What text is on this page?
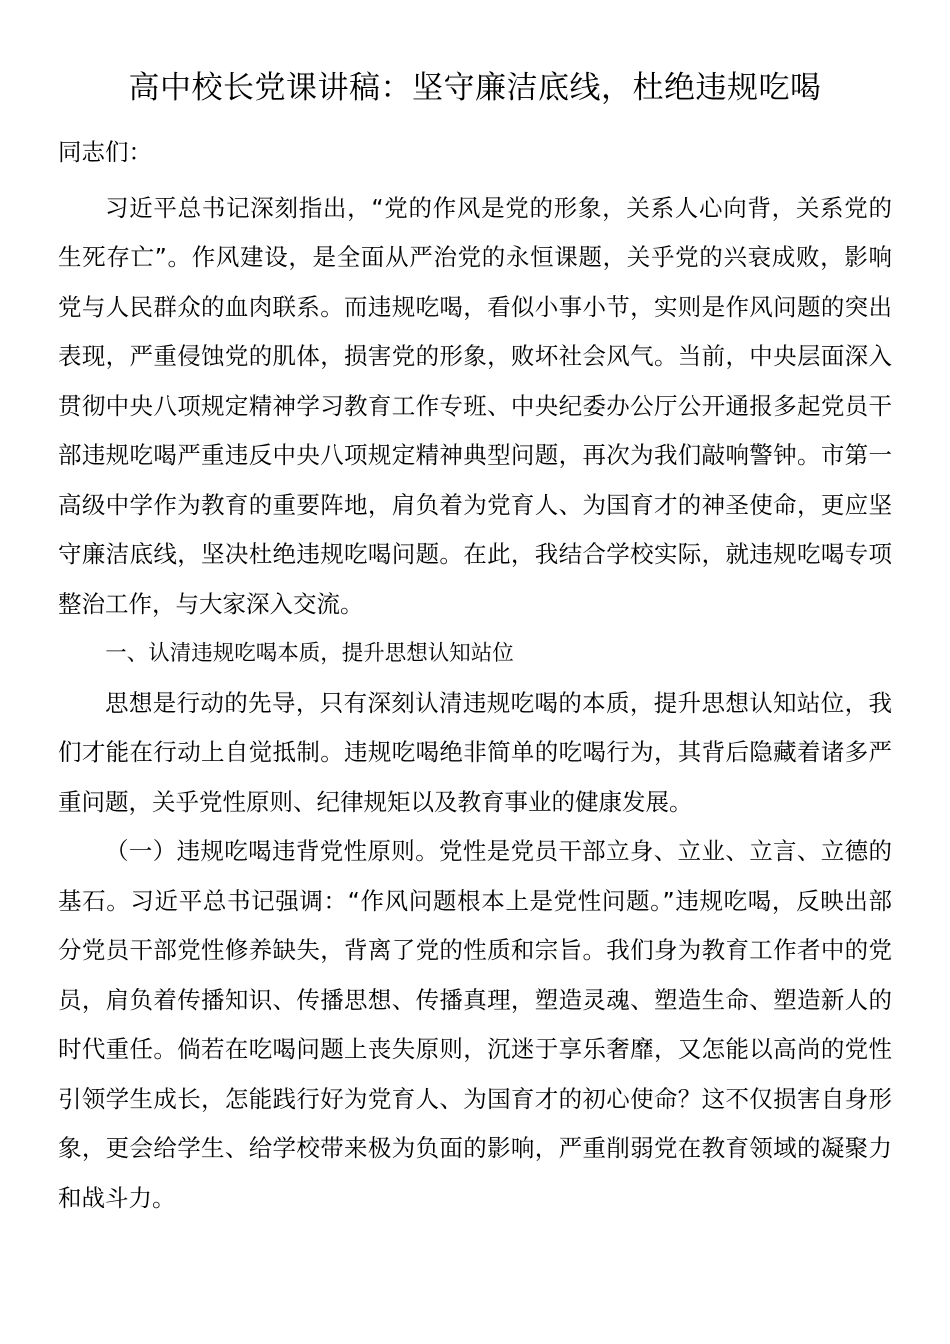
高中校长党课讲稿：坚守廉洁底线，杜绝违规吃喝

同志们：

习近平总书记深刻指出，“党的作风是党的形象，关系人心向背，关系党的生死存亡”。作风建设，是全面从严治党的永恒课题，关乎党的兴衰成败，影响党与人民群众的血肉联系。而违规吃喝，看似小事小节，实则是作风问题的突出表现，严重侵蚀党的肌体，损害党的形象，败坏社会风气。当前，中央层面深入贯彻中央八项规定精神学习教育工作专班、中央纪委办公厅公开通报多起党员干部违规吃喝严重违反中央八项规定精神典型问题，再次为我们敲响警钟。市第一高级中学作为教育的重要阵地，肩负着为党育人、为国育才的神圣使命，更应坚守廉洁底线，坚决杜绝违规吃喝问题。在此，我结合学校实际，就违规吃喝专项整治工作，与大家深入交流。

一、认清违规吃喝本质，提升思想认知站位

思想是行动的先导，只有深刻认清违规吃喝的本质，提升思想认知站位，我们才能在行动上自觉抵制。违规吃喝绝非简单的吃喝行为，其背后隐藏着诸多严重问题，关乎党性原则、纪律规矩以及教育事业的健康发展。

（一）违规吃喝违背党性原则。党性是党员干部立身、立业、立言、立德的基石。习近平总书记强调：“作风问题根本上是党性问题。”违规吃喝，反映出部分党员干部党性修养缺失，背离了党的性质和宗旨。我们身为教育工作者中的党员，肩负着传播知识、传播思想、传播真理，塑造灵魂、塑造生命、塑造新人的时代重任。倘若在吃喝问题上丧失原则，沉迷于享乐奢靡，又怎能以高尚的党性引领学生成长，怎能践行好为党育人、为国育才的初心使命？这不仅损害自身形象，更会给学生、给学校带来极为负面的影响，严重削弱党在教育领域的凝聚力和战斗力。
